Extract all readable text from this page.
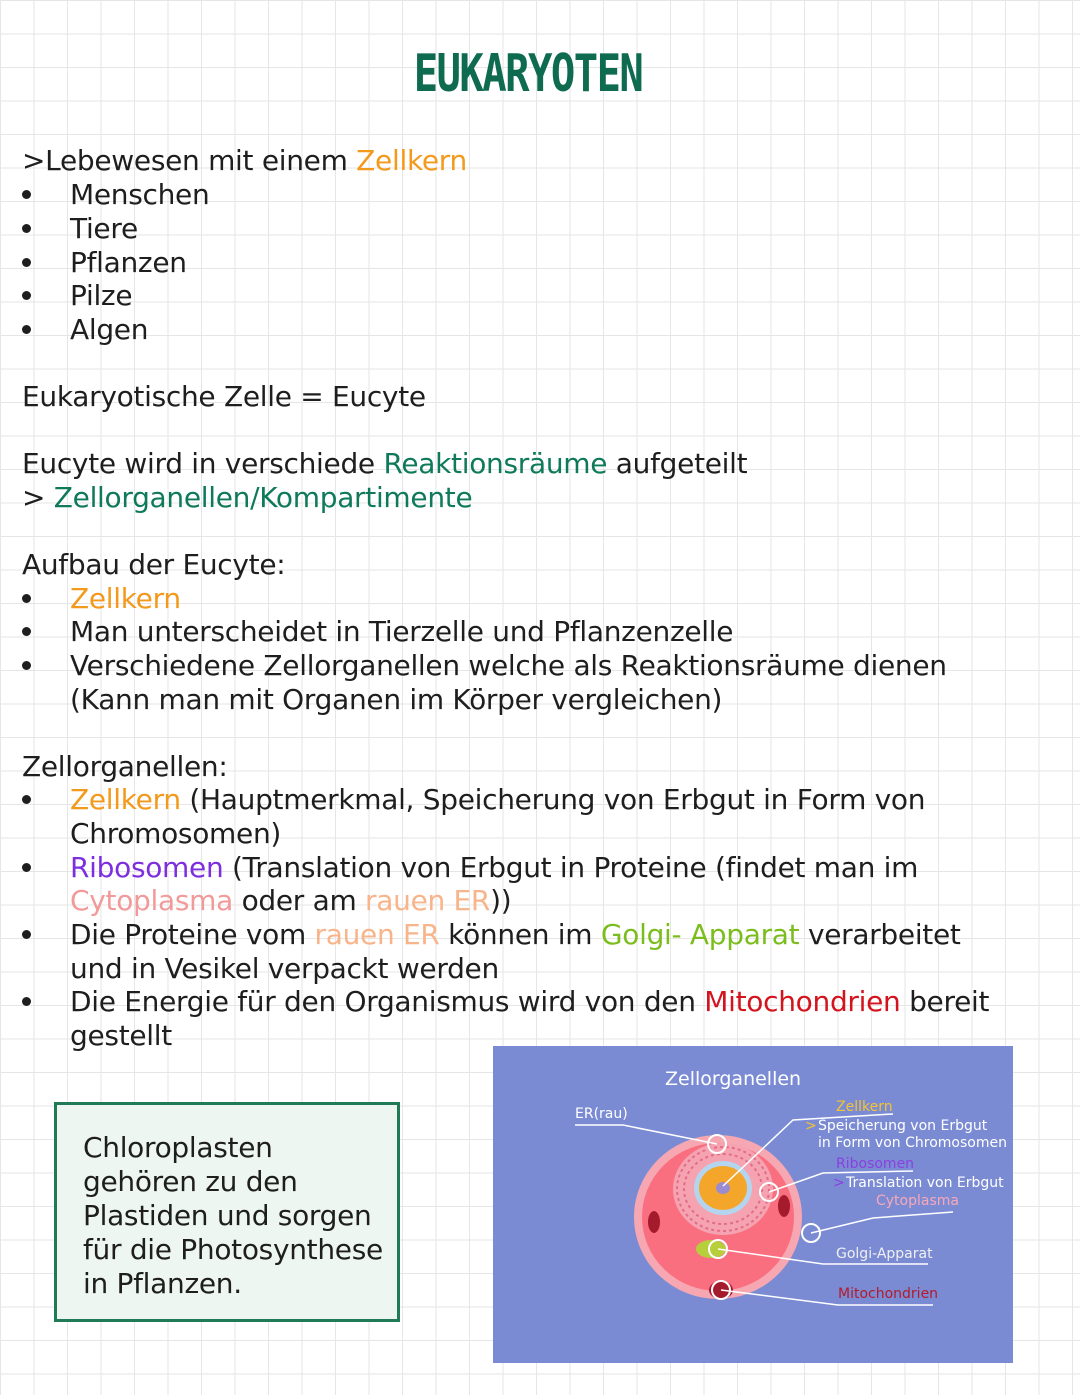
EUKARYOTEN
>Lebewesen mit einem Zellkern
Menschen
Tiere
Pflanzen
Pilze
Algen
Eukaryotische Zelle = Eucyte
Eucyte wird in verschiede Reaktionsräume aufgeteilt
> Zellorganellen/Kompartimente
Aufbau der Eucyte:
Zellkern
Man unterscheidet in Tierzelle und Pflanzenzelle
Verschiedene Zellorganellen welche als Reaktionsräume dienen
(Kann man mit Organen im Körper vergleichen)
Zellorganellen:
Zellkern (Hauptmerkmal, Speicherung von Erbgut in Form von
Chromosomen)
Ribosomen (Translation von Erbgut in Proteine (findet man im
Cytoplasma oder am rauen ER))
Die Proteine vom rauen ER können im Golgi- Apparat verarbeitet
und in Vesikel verpackt werden
Die Energie für den Organismus wird von den Mitochondrien bereit
gestellt
Chloroplasten gehören zu den Plastiden und sorgen für die Photosynthese in Pflanzen.
Zellorganellen
ER(rau)	Zellkern
> Speicherung von Erbgut
in Form von Chromosomen
Ribosomen
> Translation von Erbgut
Cytoplasma
Golgi-Apparat
Mitochondrien
